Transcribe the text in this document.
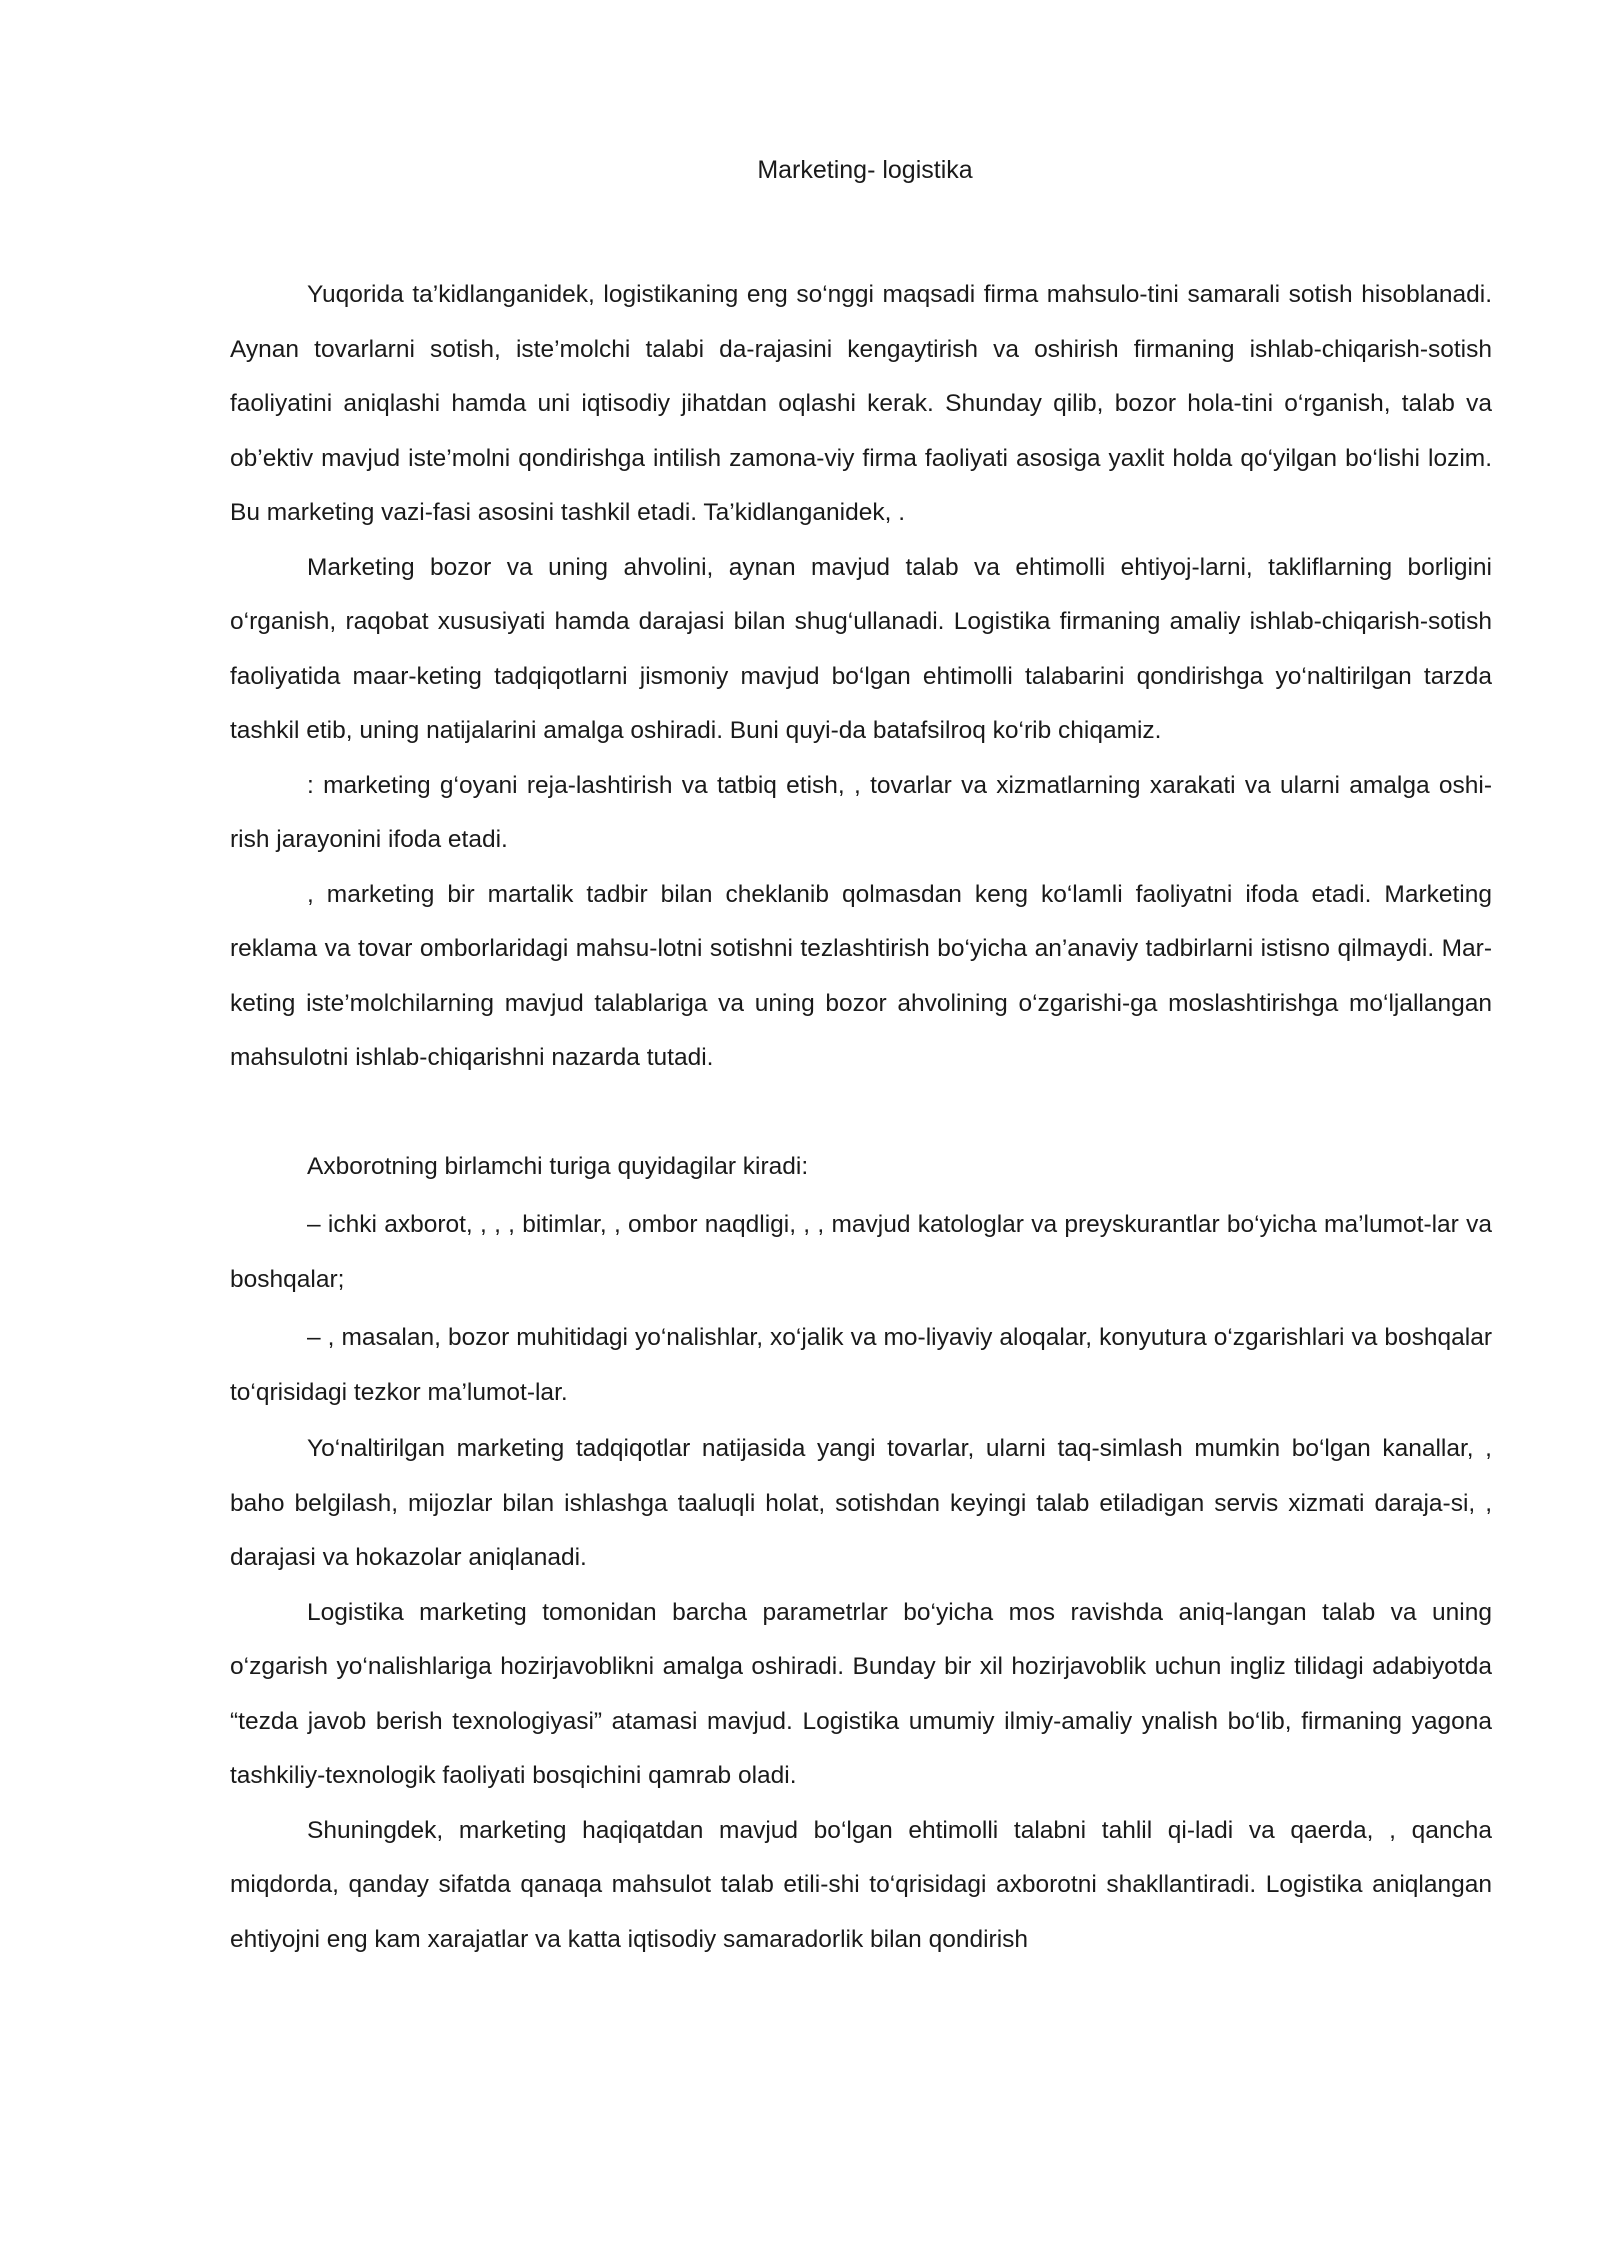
Marketing- logistika

Yuqorida ta’kidlanganidek, logistikaning eng so‘nggi maqsadi firma mahsulo-tini samarali sotish hisoblanadi. Aynan tovarlarni sotish, iste’molchi talabi da-rajasini kengaytirish va oshirish firmaning ishlab-chiqarish-sotish faoliyatini aniqlashi hamda uni iqtisodiy jihatdan oqlashi kerak. Shunday qilib, bozor hola-tini o‘rganish, talab va ob’ektiv mavjud iste’molni qondirishga intilish zamona-viy firma faoliyati asosiga yaxlit holda qo‘yilgan bo‘lishi lozim. Bu marketing vazi-fasi asosini tashkil etadi. Ta’kidlanganidek, .

Marketing bozor va uning ahvolini, aynan mavjud talab va ehtimolli ehtiyoj-larni, takliflarning borligini o‘rganish, raqobat xususiyati hamda darajasi bilan shug‘ullanadi. Logistika firmaning amaliy ishlab-chiqarish-sotish faoliyatida maar-keting tadqiqotlarni jismoniy mavjud bo‘lgan ehtimolli talabarini qondirishga yo‘naltirilgan tarzda tashkil etib, uning natijalarini amalga oshiradi. Buni quyi-da batafsilroq ko‘rib chiqamiz.

: marketing g‘oyani reja-lashtirish va tatbiq etish, , tovarlar va xizmatlarning xarakati va ularni amalga oshi-rish jarayonini ifoda etadi.

, marketing bir martalik tadbir bilan cheklanib qolmasdan keng ko‘lamli faoliyatni ifoda etadi. Marketing reklama va tovar omborlaridagi mahsu-lotni sotishni tezlashtirish bo‘yicha an’anaviy tadbirlarni istisno qilmaydi. Mar-keting iste’molchilarning mavjud talablariga va uning bozor ahvolining o‘zgarishi-ga moslashtirishga mo‘ljallangan mahsulotni ishlab-chiqarishni nazarda tutadi.

Axborotning birlamchi turiga quyidagilar kiradi:

– ichki axborot, , , , bitimlar, , ombor naqdligi, , , mavjud katologlar va preyskurantlar bo‘yicha ma’lumot-lar va boshqalar;

– , masalan, bozor muhitidagi yo‘nalishlar, xo‘jalik va mo-liyaviy aloqalar, konyutura o‘zgarishlari va boshqalar to‘qrisidagi tezkor ma’lumot-lar.

Yo‘naltirilgan marketing tadqiqotlar natijasida yangi tovarlar, ularni taq-simlash mumkin bo‘lgan kanallar, , baho belgilash, mijozlar bilan ishlashga taaluqli holat, sotishdan keyingi talab etiladigan servis xizmati daraja-si, , darajasi va hokazolar aniqlanadi.

Logistika marketing tomonidan barcha parametrlar bo‘yicha mos ravishda aniq-langan talab va uning o‘zgarish yo‘nalishlariga hozirjavoblikni amalga oshiradi. Bunday bir xil hozirjavoblik uchun ingliz tilidagi adabiyotda “tezda javob berish texnologiyasi” atamasi mavjud. Logistika umumiy ilmiy-amaliy ynalish bo‘lib, firmaning yagona tashkiliy-texnologik faoliyati bosqichini qamrab oladi.

Shuningdek, marketing haqiqatdan mavjud bo‘lgan ehtimolli talabni tahlil qi-ladi va qaerda, , qancha miqdorda, qanday sifatda qanaqa mahsulot talab etili-shi to‘qrisidagi axborotni shakllantiradi. Logistika aniqlangan ehtiyojni eng kam xarajatlar va katta iqtisodiy samaradorlik bilan qondirish
